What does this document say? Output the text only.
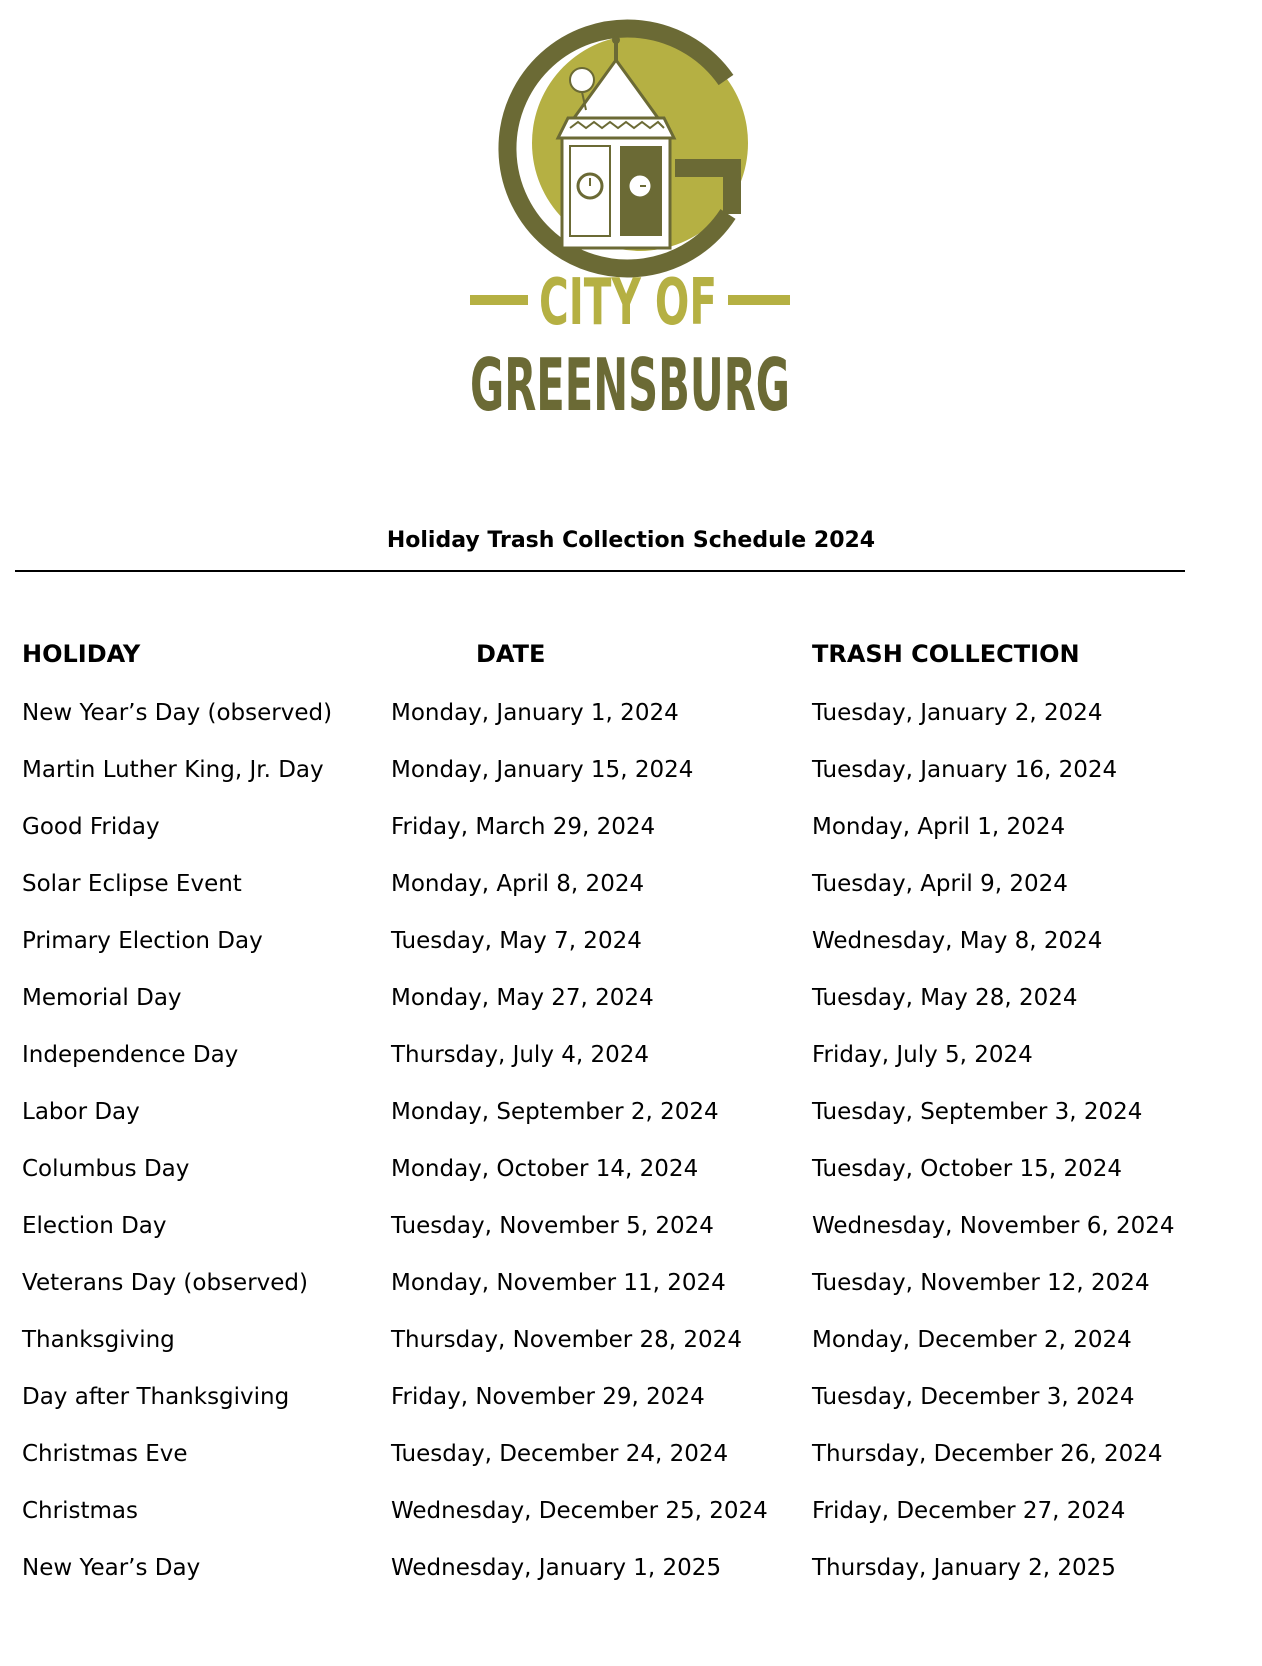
CITY OF
GREENSBURG
Holiday Trash Collection Schedule 2024
HOLIDAY	DATE	TRASH COLLECTION
New Year’s Day (observed)	Monday, January 1, 2024	Tuesday, January 2, 2024
Martin Luther King, Jr. Day	Monday, January 15, 2024	Tuesday, January 16, 2024
Good Friday	Friday, March 29, 2024	Monday, April 1, 2024
Solar Eclipse Event	Monday, April 8, 2024	Tuesday, April 9, 2024
Primary Election Day	Tuesday, May 7, 2024	Wednesday, May 8, 2024
Memorial Day	Monday, May 27, 2024	Tuesday, May 28, 2024
Independence Day	Thursday, July 4, 2024	Friday, July 5, 2024
Labor Day	Monday, September 2, 2024	Tuesday, September 3, 2024
Columbus Day	Monday, October 14, 2024	Tuesday, October 15, 2024
Election Day	Tuesday, November 5, 2024	Wednesday, November 6, 2024
Veterans Day (observed)	Monday, November 11, 2024	Tuesday, November 12, 2024
Thanksgiving	Thursday, November 28, 2024	Monday, December 2, 2024
Day after Thanksgiving	Friday, November 29, 2024	Tuesday, December 3, 2024
Christmas Eve	Tuesday, December 24, 2024	Thursday, December 26, 2024
Christmas	Wednesday, December 25, 2024 Friday, December 27, 2024
New Year’s Day	Wednesday, January 1, 2025	Thursday, January 2, 2025
